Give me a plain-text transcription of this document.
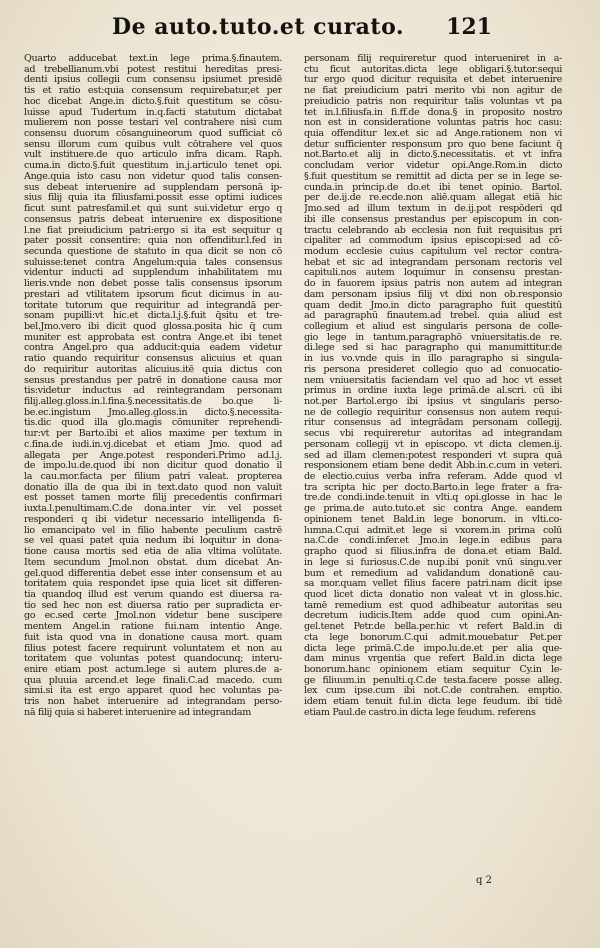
De auto.tuto.et curato. 121
Quarto adducebat text.in lege prima.§.finautem.
ad trebellianum.vbi potest restitui hereditas presi-
denti ipsius collegii cum consensu ipsiumet presidē
tis et ratio est:quia consensum requirebatur,et per
hoc dicebat Ange.in dicto.§.fuit questitum se cōsu-
luisse apud Tudertum in.q.facti statutum dictabat
mulierem non posse testari vel contrahere nisi cum
consensu duorum cōsanguineorum quod sufficiat cō
sensu illorum cum quibus vult cōtrahere vel quos
vult instituere.de quo articulo infra dicam. Raph.
cuma.in dicto.§.fuit questitum in.j.articulo tenet opi.
Ange.quia isto casu non videtur quod talis consen-
sus debeat interuenire ad supplendam personā ip-
sius filij quia ita filiusfami.possit esse optimi iudices
ficut sunt patresfamil.et qui sunt sui.videtur ergo q
consensus patris debeat interuenire ex dispositione
l.ne fiat preiudicium patri:ergo si ita est sequitur q
pater possit consentire: quia non offenditur.l.fed in
secunda questione de statuto in qua dicit se non cō
suluisse:tenet contra Angelum:quia tales consensus
videntur inducti ad supplendum inhabilitatem mu
lieris.vnde non debet posse talis consensus ipsorum
prestari ad vtilitatem ipsorum ficut dicimus in au-
toritate tutorum que requiritur ad integrandā per-
sonam pupilli:vt hic.et dicta.l.j.§.fuit q̄situ et tre-
bel.Jmo.vero ibi dicit quod glossa.posita hic q̄ cum
muniter est approbata est contra Ange.et ibi tenet
contra Angel.pro qua adducit:quia eadem videtur
ratio quando requiritur consensus alicuius et quan
do requiritur autoritas alicuius.itē quia dictus con
sensus prestandus per patrē in donatione causa mor
tis:videtur inductus ad reintegrandam personam
filij.alleg.gloss.in.l.fina.§.necessitatis.de bo.que li-
be.ec.ingistum Jmo.alleg.gloss.in dicto.§.necessita-
tis.dic quod illa glo.magis cōmuniter reprehendi-
tur:vt per Barto.ibi et alios maxime per textum in
c.fina.de iudi.in.vj.dicebat et etiam Jmo. quod ad
allegata per Ange.potest responderi.Primo ad.l.j.
de impo.lu.de.quod ibi non dicitur quod donatio il
la cau.mor.facta per filium patri valeat. propterea
donatio illa de qua ibi in text.dato quod non valuit
est posset tamen morte filij precedentis confirmari
iuxta.l.penultimam.C.de dona.inter vir. vel posset
responderi q ibi videtur necessario intelligenda fi-
lio emancipato vel in filio habente peculium castrē
se vel quasi patet quia nedum ibi loquitur in dona-
tione causa mortis sed etia de alia vltima volūtate.
Item secundum Jmol.non obstat. dum dicebat An-
gel.quod differentia debet esse inter consensum et au
toritatem quia respondet ipse quia licet sit differen-
tia quandoq illud est verum quando est diuersa ra-
tio sed hec non est diuersa ratio per supradicta er-
go ec.sed certe Jmol.non videtur bene suscipere
mentem Angel.in ratione fui.nam intentio Ange.
fuit ista quod vna in donatione causa mort. quam
filius potest facere requirunt voluntatem et non au
toritatem que voluntas potest quandocunq; interu-
enire etiam post actum.lege si autem plures.de a-
qua pluuia arcend.et lege finali.C.ad macedo. cum
simi.si ita est ergo apparet quod hec voluntas pa-
tris non habet interuenire ad integrandam perso-
nā filij quia si haberet interuenire ad integrandam
personam filij requireretur quod interueniret in a-
ctu ficut autoritas.dicta lege obligari.§.tutor.sequi
tur ergo quod dicitur requisita et debet interuenire
ne fiat preiudicium patri merito vbi non agitur de
preiudicio patris non requiritur talis voluntas vt pa
tet in.l.filiusfa.in fi.ff.de dona.§ in proposito nostro
non est in consideratione voluntas patris hoc casu:
quia offenditur lex.et sic ad Ange.rationem non vi
detur sufficienter responsum pro quo bene faciunt q̄
not.Barto.et alij in dicto.§.necessitatis. et vt infra
concludam verior videtur opi.Ange.Rom.in dicto
§.fuit questitum se remittit ad dicta per se in lege se-
cunda.in princip.de do.et ibi tenet opinio. Bartol.
per de.ij.de re.ecde.non aliē.quam allegat etiā hic
Jmo.sed ad illum textum in de.ij.pot respōderi qd
ibi ille consensus prestandus per episcopum in con-
tractu celebrando ab ecclesia non fuit requisitus pri
cipaliter ad commodum ipsius episcopi:sed ad cō-
modum ecclesie cuius capitulum vel rector contra-
hebat et sic ad integrandam personam rectoris vel
capituli.nos autem loquimur in consensu prestan-
do in fauorem ipsius patris non autem ad integran
dam personam ipsius filij vt dixi non ob.responsio
quam dedit Jmo.in dicto paragrapho fuit questitū
ad paragraphū finautem.ad trebel. quia aliud est
collegium et aliud est singularis persona de colle-
gio lege in tantum.paragraphō vniuersitatis.de re.
di.lege sed si hac paragrapho qui manumittitur.de
in ius vo.vnde quis in illo paragrapho si singula-
ris persona presideret collegio quo ad conuocatio-
nem vniuersitatis faciendam vel quo ad hoc vt esset
primus in ordine iuxta lege primā.de al.scri. cū ibi
not.per Bartol.ergo ibi ipsius vt singularis perso-
ne de collegio requiritur consensus non autem requi-
ritur consensus ad integrādam personam collegij.
secus vbi requireretur autoritas ad integrandam
personam collegij vt in episcopo. vt dicta clemen.ij.
sed ad illam clemen:potest responderi vt supra quā
responsionem etiam bene dedit Abb.in.c.cum in veteri.
de electio.cuius verba infra referam. Adde quod vl
tra scripta hic per docto.Barto.in lege frater a fra-
tre.de condi.inde.tenuit in vlti.q opi.glosse in hac le
ge prima.de auto.tuto.et sic contra Ange. eandem
opinionem tenet Bald.in lege bonorum. in vlti.co-
lumna.C.qui admit.et lege si vxorem.in prima colū
na.C.de condi.infer.et Jmo.in lege.in edibus para
grapho quod si filius.infra de dona.et etiam Bald.
in lege si furiosus.C.de nup.ibi ponit vnū singu.ver
bum et remedium ad validandum donationē cau-
sa mor.quam vellet filius facere patri.nam dicit ipse
quod licet dicta donatio non valeat vt in gloss.hic.
tamē remedium est quod adhibeatur autoritas seu
decretum iudicis.Item adde quod cum opini.An-
gel.tenet Petr.de bella.per.hic vt refert Bald.in di
cta lege bonorum.C.qui admit.mouebatur Pet.per
dicta lege primā.C.de impo.lu.de.et per alia que-
dam minus vrgentia que refert Bald.in dicta lege
bonorum.hanc opinionem etiam sequitur Cy.in le-
ge filiuum.in penulti.q.C.de testa.facere posse alleg.
lex cum ipse.cum ibi not.C.de contrahen. emptio.
idem etiam tenuit ful.in dicta lege feudum. ibi tidē
etiam Paul.de castro.in dicta lege feudum. referens
q 2
